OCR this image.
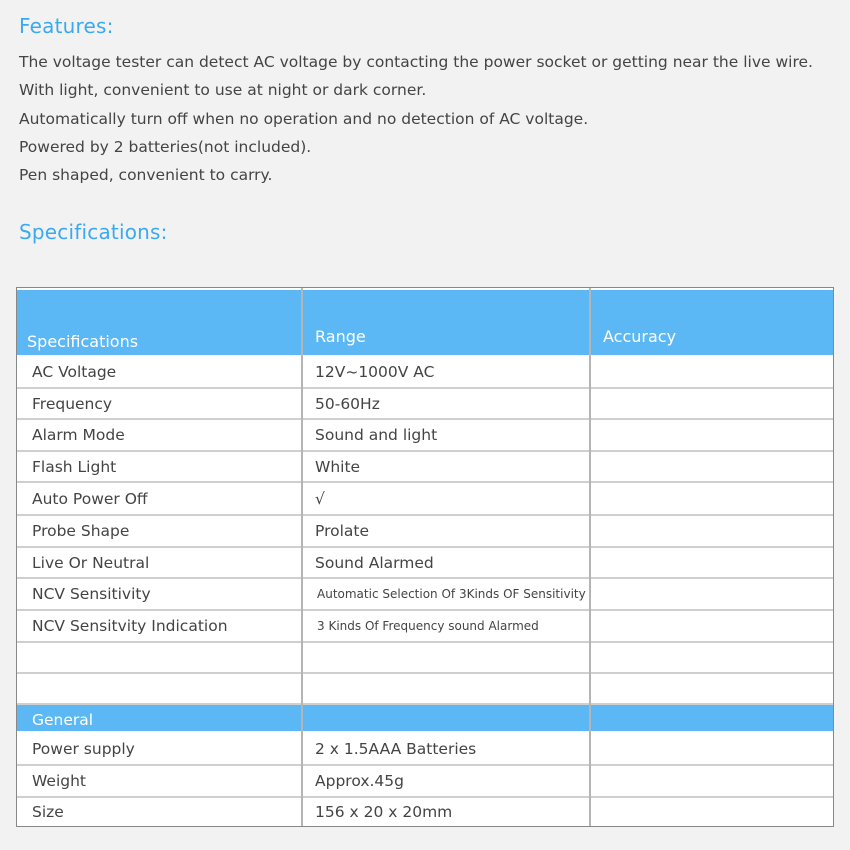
Features:
The voltage tester can detect AC voltage by contacting the power socket or getting near the live wire.
With light, convenient to use at night or dark corner.
Automatically turn off when no operation and no detection of AC voltage.
Powered by 2 batteries(not included).
Pen shaped, convenient to carry.
Specifications:
Specifications	Range	Accuracy
AC Voltage	12V~1000V AC
Frequency	50-60Hz
Alarm Mode	Sound and light
Flash Light	White
Auto Power Off	√
Probe Shape	Prolate
Live Or Neutral	Sound Alarmed
NCV Sensitivity	Automatic Selection Of 3Kinds OF Sensitivity
NCV Sensitvity Indication	3 Kinds Of Frequency sound Alarmed
General
Power supply	2 x 1.5AAA Batteries
Weight	Approx.45g
Size	156 x 20 x 20mm
